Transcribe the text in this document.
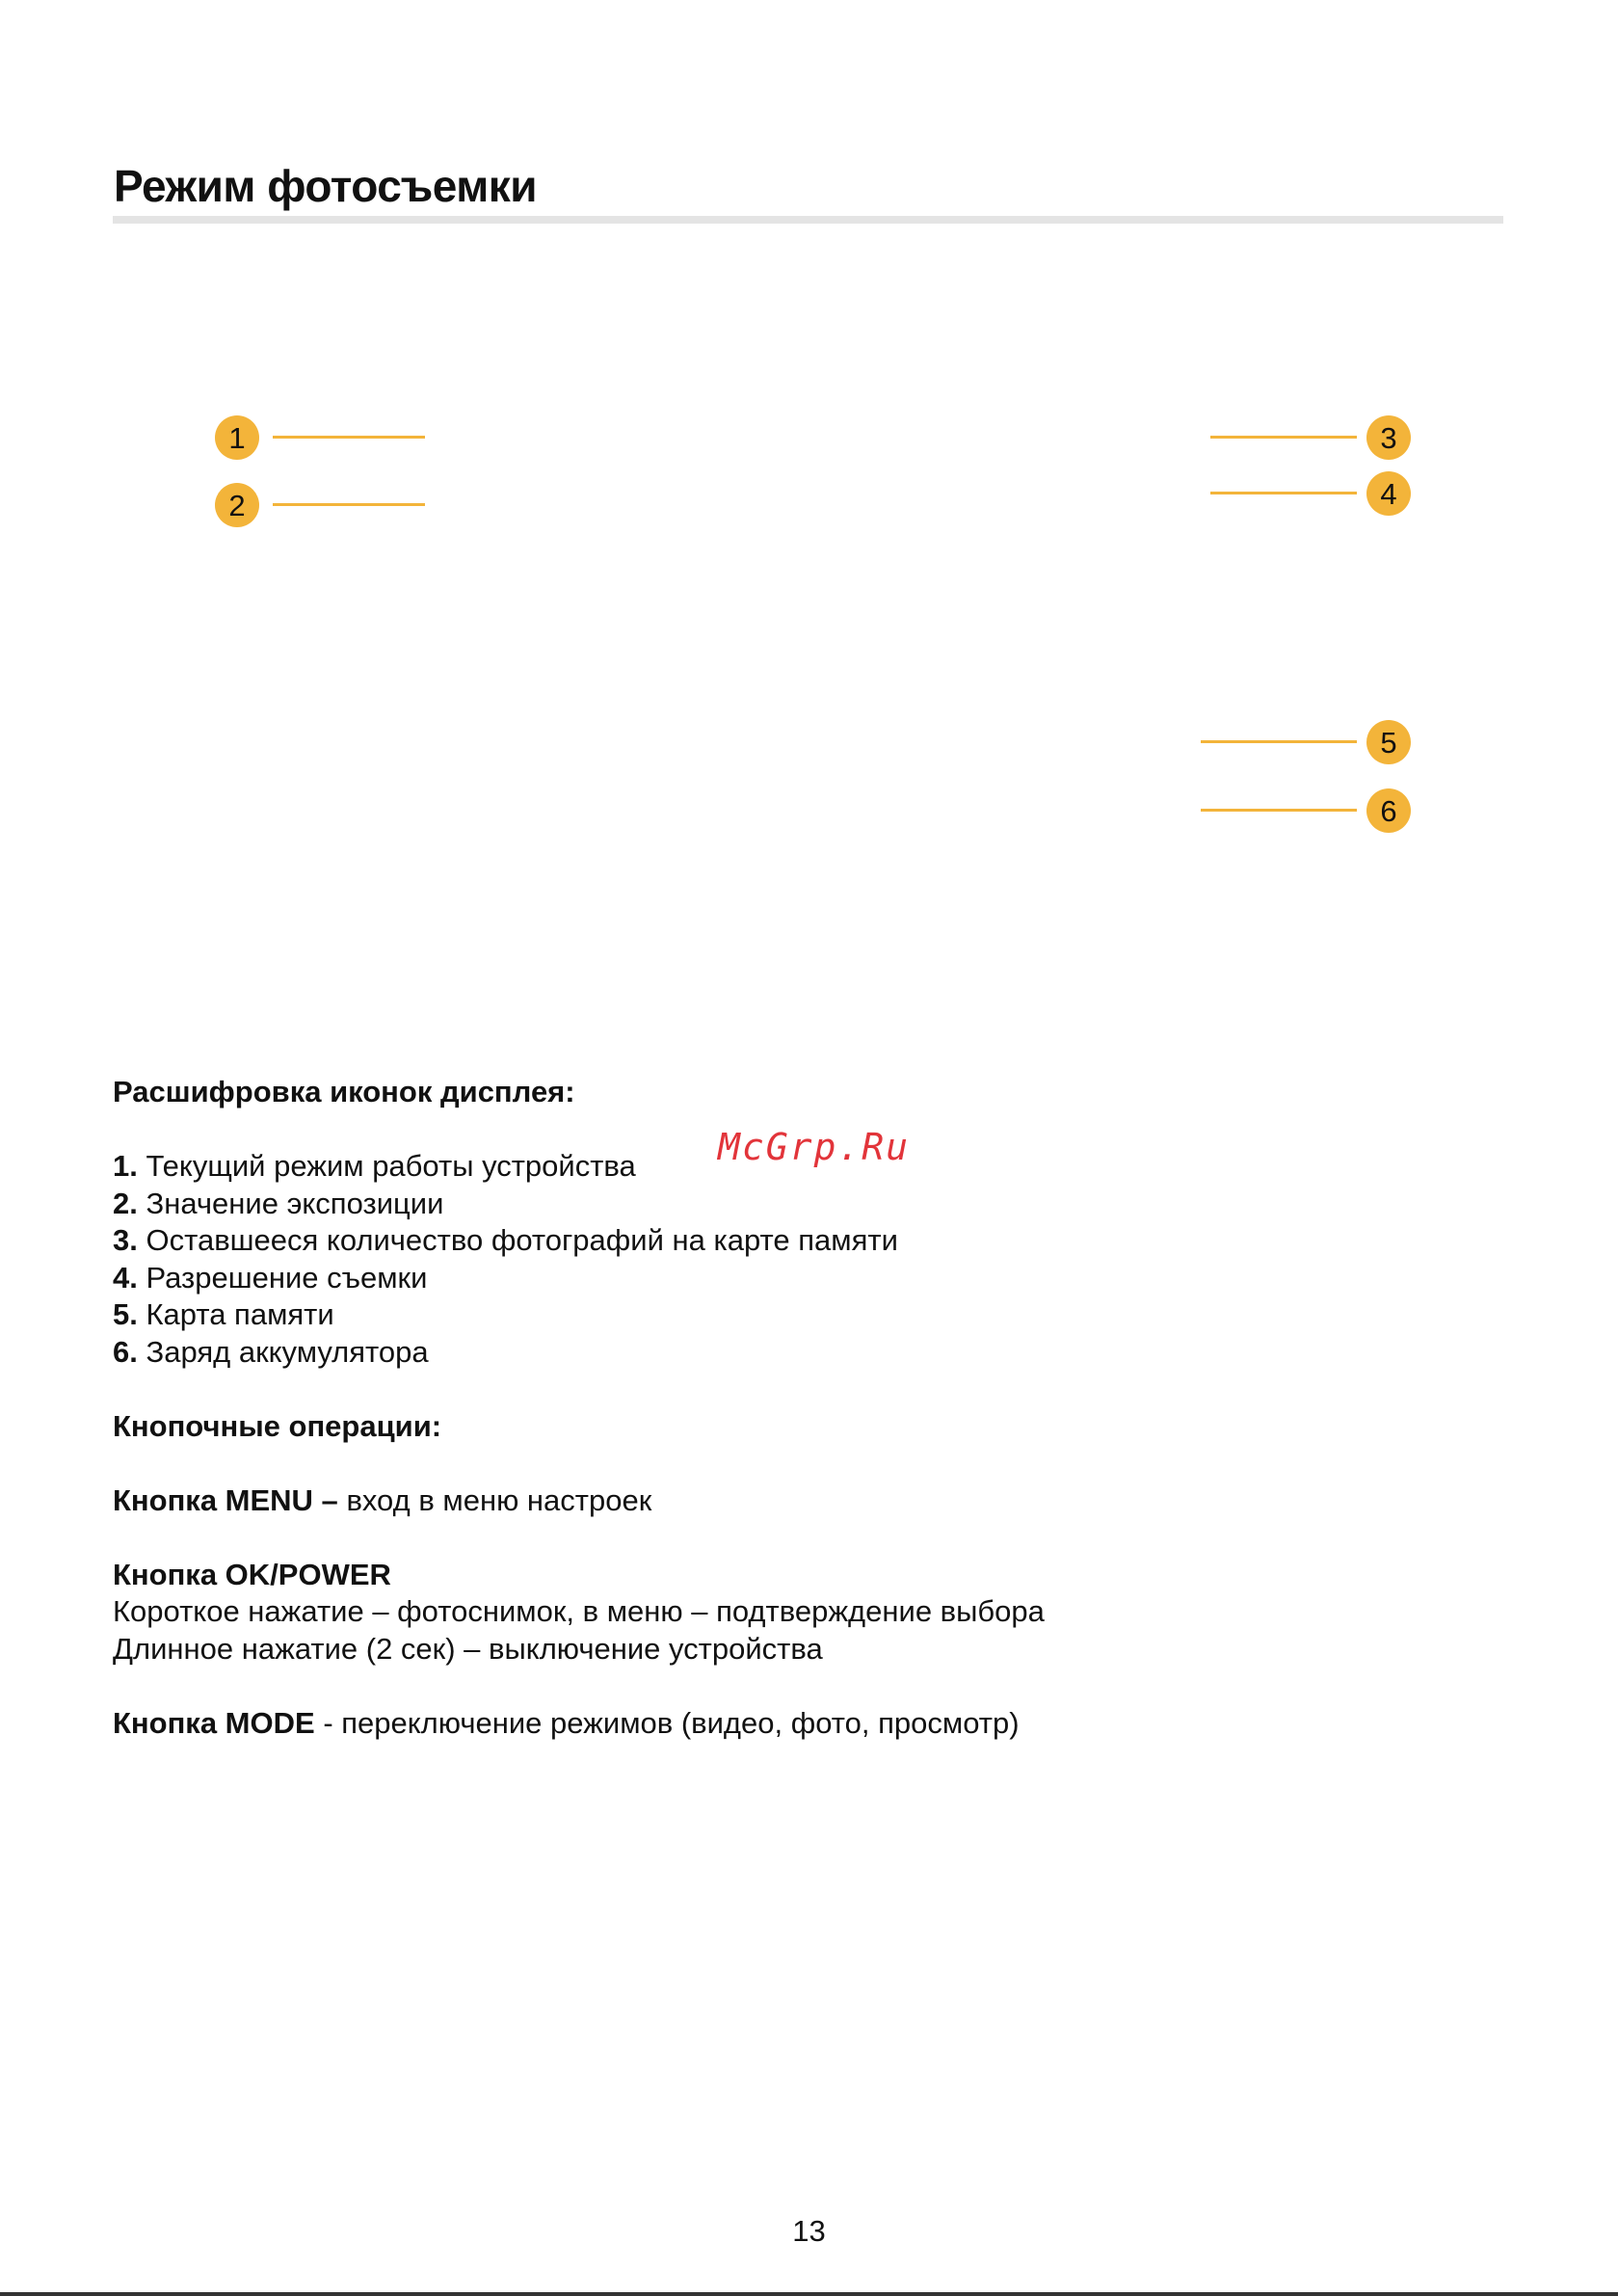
Режим фотосъемки
1
2
3
4
5
6
McGrp.Ru

Расшифровка иконок дисплея:

1. Текущий режим работы устройства

2. Значение экспозиции

3. Оставшееся количество фотографий на карте памяти

4. Разрешение съемки

5. Карта памяти

6. Заряд аккумулятора

Кнопочные операции:

Кнопка MENU – вход в меню настроек

Кнопка OK/POWER

Короткое нажатие – фотоснимок, в меню – подтверждение выбора

Длинное нажатие (2 сек) – выключение устройства

Кнопка MODE - переключение режимов (видео, фото, просмотр)

13
